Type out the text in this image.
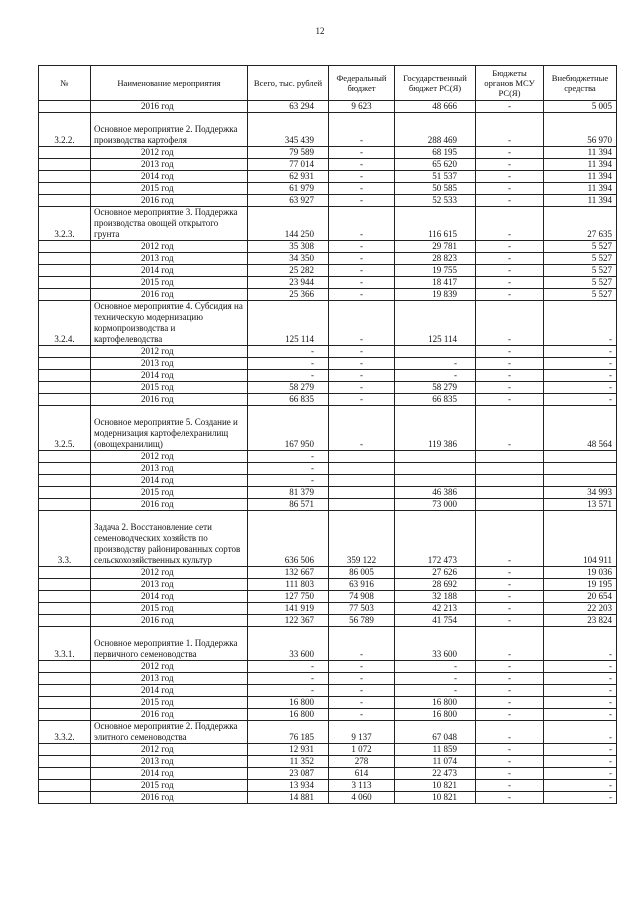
12
№	Наименование мероприятия	Всего, тыс. рублей	Федеральный бюджет	Государственный бюджет РС(Я)	Бюджеты органов МСУ РС(Я)	Внебюджетные средства
	2016 год	63 294	9 623	48 666	-	5 005
3.2.2.	Основное мероприятие 2. Поддержка производства картофеля	345 439	-	288 469	-	56 970
	2012 год	79 589	-	68 195	-	11 394
	2013 год	77 014	-	65 620	-	11 394
	2014 год	62 931	-	51 537	-	11 394
	2015 год	61 979	-	50 585	-	11 394
	2016 год	63 927	-	52 533	-	11 394
3.2.3.	Основное мероприятие 3. Поддержка производства овощей открытого грунта	144 250	-	116 615	-	27 635
	2012 год	35 308	-	29 781	-	5 527
	2013 год	34 350	-	28 823	-	5 527
	2014 год	25 282	-	19 755	-	5 527
	2015 год	23 944	-	18 417	-	5 527
	2016 год	25 366	-	19 839	-	5 527
3.2.4.	Основное мероприятие 4. Субсидия на техническую модернизацию кормопроизводства и картофелеводства	125 114	-	125 114	-	-
	2012 год	-	-		-	-
	2013 год	-	-	-	-	-
	2014 год	-	-	-	-	-
	2015 год	58 279	-	58 279	-	-
	2016 год	66 835	-	66 835	-	-
3.2.5.	Основное мероприятие 5. Создание и модернизация картофелехранилищ (овощехранилищ)	167 950	-	119 386	-	48 564
	2012 год	-				
	2013 год	-				
	2014 год	-				
	2015 год	81 379		46 386		34 993
	2016 год	86 571		73 000		13 571
3.3.	Задача 2. Восстановление сети семеноводческих хозяйств по производству районированных сортов сельскохозяйственных культур	636 506	359 122	172 473	-	104 911
	2012 год	132 667	86 005	27 626	-	19 036
	2013 год	111 803	63 916	28 692	-	19 195
	2014 год	127 750	74 908	32 188	-	20 654
	2015 год	141 919	77 503	42 213	-	22 203
	2016 год	122 367	56 789	41 754	-	23 824
3.3.1.	Основное мероприятие 1. Поддержка первичного семеноводства	33 600	-	33 600	-	-
	2012 год	-	-	-	-	-
	2013 год	-	-	-	-	-
	2014 год	-	-	-	-	-
	2015 год	16 800	-	16 800	-	-
	2016 год	16 800	-	16 800	-	-
3.3.2.	Основное мероприятие 2. Поддержка элитного семеноводства	76 185	9 137	67 048	-	-
	2012 год	12 931	1 072	11 859	-	-
	2013 год	11 352	278	11 074	-	-
	2014 год	23 087	614	22 473	-	-
	2015 год	13 934	3 113	10 821	-	-
	2016 год	14 881	4 060	10 821	-	-
